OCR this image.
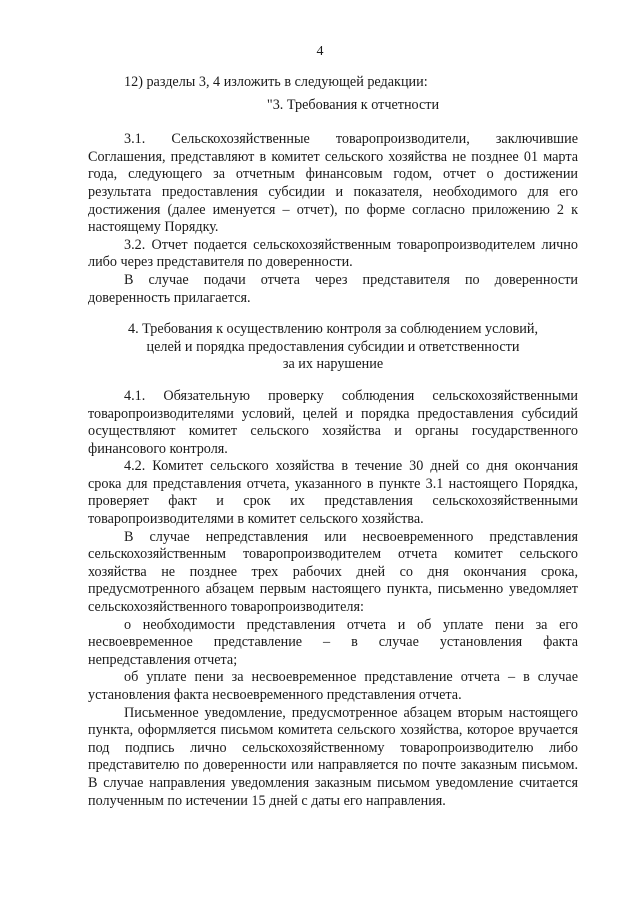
4

12) разделы 3, 4 изложить в следующей редакции:

"3. Требования к отчетности

3.1. Сельскохозяйственные товаропроизводители, заключившие Соглашения, представляют в комитет сельского хозяйства не позднее 01 марта года, следующего за отчетным финансовым годом, отчет о достижении результата предоставления субсидии и показателя, необходимого для его достижения (далее именуется – отчет), по форме согласно приложению 2 к настоящему Порядку.

3.2. Отчет подается сельскохозяйственным товаропроизводителем лично либо через представителя по доверенности.

В случае подачи отчета через представителя по доверенности доверенность прилагается.

4. Требования к осуществлению контроля за соблюдением условий,
целей и порядка предоставления субсидии и ответственности
за их нарушение

4.1. Обязательную проверку соблюдения сельскохозяйственными товаропроизводителями условий, целей и порядка предоставления субсидий осуществляют комитет сельского хозяйства и органы государственного финансового контроля.

4.2. Комитет сельского хозяйства в течение 30 дней со дня окончания срока для представления отчета, указанного в пункте 3.1 настоящего Порядка, проверяет факт и срок их представления сельскохозяйственными товаропроизводителями в комитет сельского хозяйства.

В случае непредставления или несвоевременного представления сельскохозяйственным товаропроизводителем отчета комитет сельского хозяйства не позднее трех рабочих дней со дня окончания срока, предусмотренного абзацем первым настоящего пункта, письменно уведомляет сельскохозяйственного товаропроизводителя:

о необходимости представления отчета и об уплате пени за его несвоевременное представление – в случае установления факта непредставления отчета;

об уплате пени за несвоевременное представление отчета – в случае установления факта несвоевременного представления отчета.

Письменное уведомление, предусмотренное абзацем вторым настоящего пункта, оформляется письмом комитета сельского хозяйства, которое вручается под подпись лично сельскохозяйственному товаропроизводителю либо представителю по доверенности или направляется по почте заказным письмом. В случае направления уведомления заказным письмом уведомление считается полученным по истечении 15 дней с даты его направления.
